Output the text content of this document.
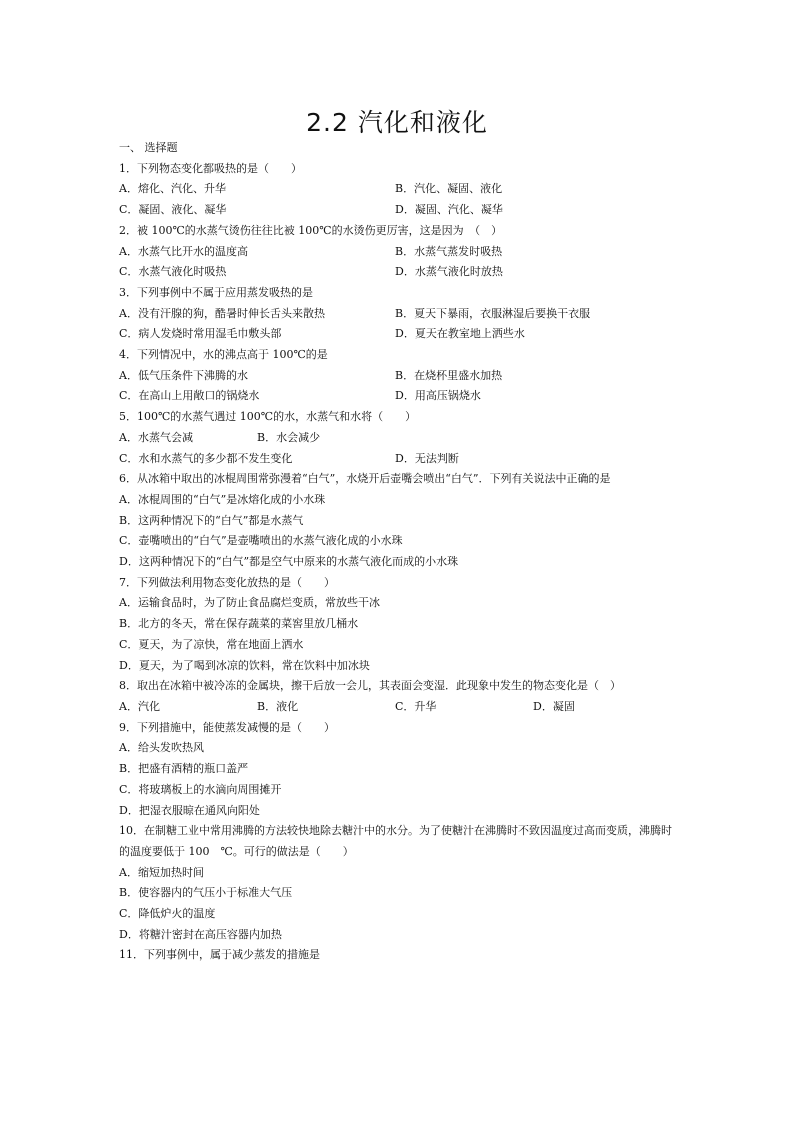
2.2 汽化和液化
一、 选择题
1．下列物态变化都吸热的是（　　）
A．熔化、汽化、升华	B．汽化、凝固、液化
C．凝固、液化、凝华	D．凝固、汽化、凝华
2．被 100℃的水蒸气烫伤往往比被 100℃的水烫伤更厉害，这是因为　（　）
A．水蒸气比开水的温度高	B．水蒸气蒸发时吸热
C．水蒸气液化时吸热	D．水蒸气液化时放热
3．下列事例中不属于应用蒸发吸热的是
A．没有汗腺的狗，酷暑时伸长舌头来散热	B．夏天下暴雨，衣服淋湿后要换干衣服
C．病人发烧时常用湿毛巾敷头部	D．夏天在教室地上洒些水
4．下列情况中，水的沸点高于 100℃的是
A．低气压条件下沸腾的水	B．在烧杯里盛水加热
C．在高山上用敞口的锅烧水	D．用高压锅烧水
5．100℃的水蒸气遇过 100℃的水，水蒸气和水将（　　）
A．水蒸气会减	B．水会减少
C．水和水蒸气的多少都不发生变化	D．无法判断
6．从冰箱中取出的冰棍周围常弥漫着“白气”，水烧开后壶嘴会喷出“白气”．下列有关说法中正确的是
A．冰棍周围的“白气”是冰熔化成的小水珠
B．这两种情况下的“白气”都是水蒸气
C．壶嘴喷出的“白气”是壶嘴喷出的水蒸气液化成的小水珠
D．这两种情况下的“白气”都是空气中原来的水蒸气液化而成的小水珠
7．下列做法利用物态变化放热的是（　　）
A．运输食品时，为了防止食品腐烂变质，常放些干冰
B．北方的冬天，常在保存蔬菜的菜窖里放几桶水
C．夏天，为了凉快，常在地面上洒水
D．夏天，为了喝到冰凉的饮料，常在饮料中加冰块
8．取出在冰箱中被冷冻的金属块，擦干后放一会儿，其表面会变湿．此现象中发生的物态变化是（　）
A．汽化	B．液化	C．升华	D．凝固
9．下列措施中，能使蒸发减慢的是（　　）
A．给头发吹热风
B．把盛有酒精的瓶口盖严
C．将玻璃板上的水滴向周围摊开
D．把湿衣服晾在通风向阳处
10．在制糖工业中常用沸腾的方法较快地除去糖汁中的水分。为了使糖汁在沸腾时不致因温度过高而变质，沸腾时的温度要低于 100　℃。可行的做法是（　　）
A．缩短加热时间
B．使容器内的气压小于标准大气压
C．降低炉火的温度
D．将糖汁密封在高压容器内加热
11．下列事例中，属于减少蒸发的措施是
